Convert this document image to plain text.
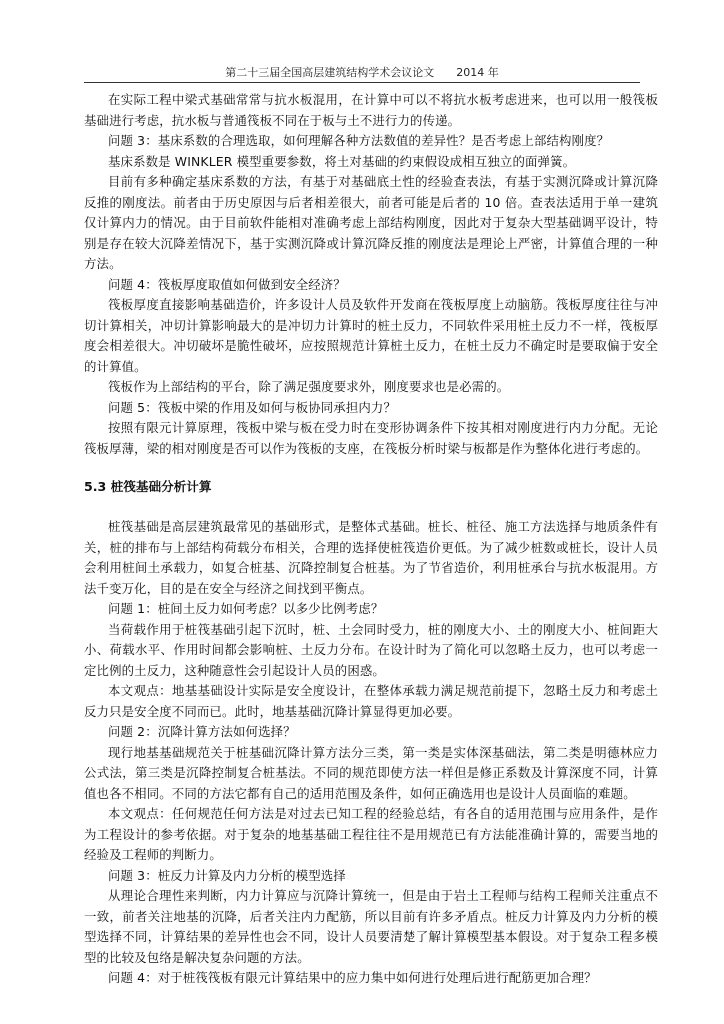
第二十三届全国高层建筑结构学术会议论文 2014 年

在实际工程中梁式基础常常与抗水板混用，在计算中可以不将抗水板考虑进来，也可以用一般筏板基础进行考虑，抗水板与普通筏板不同在于板与土不进行力的传递。

问题 3：基床系数的合理选取，如何理解各种方法数值的差异性？是否考虑上部结构刚度？

基床系数是 WINKLER 模型重要参数，将土对基础的约束假设成相互独立的面弹簧。

目前有多种确定基床系数的方法，有基于对基础底土性的经验查表法，有基于实测沉降或计算沉降反推的刚度法。前者由于历史原因与后者相差很大，前者可能是后者的 10 倍。查表法适用于单一建筑仅计算内力的情况。由于目前软件能相对准确考虑上部结构刚度，因此对于复杂大型基础调平设计，特别是存在较大沉降差情况下，基于实测沉降或计算沉降反推的刚度法是理论上严密，计算值合理的一种方法。

问题 4：筏板厚度取值如何做到安全经济？

筏板厚度直接影响基础造价，许多设计人员及软件开发商在筏板厚度上动脑筋。筏板厚度往往与冲切计算相关，冲切计算影响最大的是冲切力计算时的桩土反力，不同软件采用桩土反力不一样，筏板厚度会相差很大。冲切破坏是脆性破坏，应按照规范计算桩土反力，在桩土反力不确定时是要取偏于安全的计算值。

筏板作为上部结构的平台，除了满足强度要求外，刚度要求也是必需的。

问题 5：筏板中梁的作用及如何与板协同承担内力？

按照有限元计算原理，筏板中梁与板在受力时在变形协调条件下按其相对刚度进行内力分配。无论筏板厚薄，梁的相对刚度是否可以作为筏板的支座，在筏板分析时梁与板都是作为整体化进行考虑的。

5.3 桩筏基础分析计算

桩筏基础是高层建筑最常见的基础形式，是整体式基础。桩长、桩径、施工方法选择与地质条件有关，桩的排布与上部结构荷载分布相关，合理的选择使桩筏造价更低。为了减少桩数或桩长，设计人员会利用桩间土承载力，如复合桩基、沉降控制复合桩基。为了节省造价，利用桩承台与抗水板混用。方法千变万化，目的是在安全与经济之间找到平衡点。

问题 1：桩间土反力如何考虑？以多少比例考虑？

当荷载作用于桩筏基础引起下沉时，桩、土会同时受力，桩的刚度大小、土的刚度大小、桩间距大小、荷载水平、作用时间都会影响桩、土反力分布。在设计时为了简化可以忽略土反力，也可以考虑一定比例的土反力，这种随意性会引起设计人员的困惑。

本文观点：地基基础设计实际是安全度设计，在整体承载力满足规范前提下，忽略土反力和考虑土反力只是安全度不同而已。此时，地基基础沉降计算显得更加必要。

问题 2：沉降计算方法如何选择？

现行地基基础规范关于桩基础沉降计算方法分三类，第一类是实体深基础法，第二类是明德林应力公式法，第三类是沉降控制复合桩基法。不同的规范即使方法一样但是修正系数及计算深度不同，计算值也各不相同。不同的方法它都有自己的适用范围及条件，如何正确选用也是设计人员面临的难题。

本文观点：任何规范任何方法是对过去已知工程的经验总结，有各自的适用范围与应用条件，是作为工程设计的参考依据。对于复杂的地基基础工程往往不是用规范已有方法能准确计算的，需要当地的经验及工程师的判断力。

问题 3：桩反力计算及内力分析的模型选择

从理论合理性来判断，内力计算应与沉降计算统一，但是由于岩土工程师与结构工程师关注重点不一致，前者关注地基的沉降，后者关注内力配筋，所以目前有许多矛盾点。桩反力计算及内力分析的模型选择不同，计算结果的差异性也会不同，设计人员要清楚了解计算模型基本假设。对于复杂工程多模型的比较及包络是解决复杂问题的方法。

问题 4：对于桩筏筏板有限元计算结果中的应力集中如何进行处理后进行配筋更加合理？
